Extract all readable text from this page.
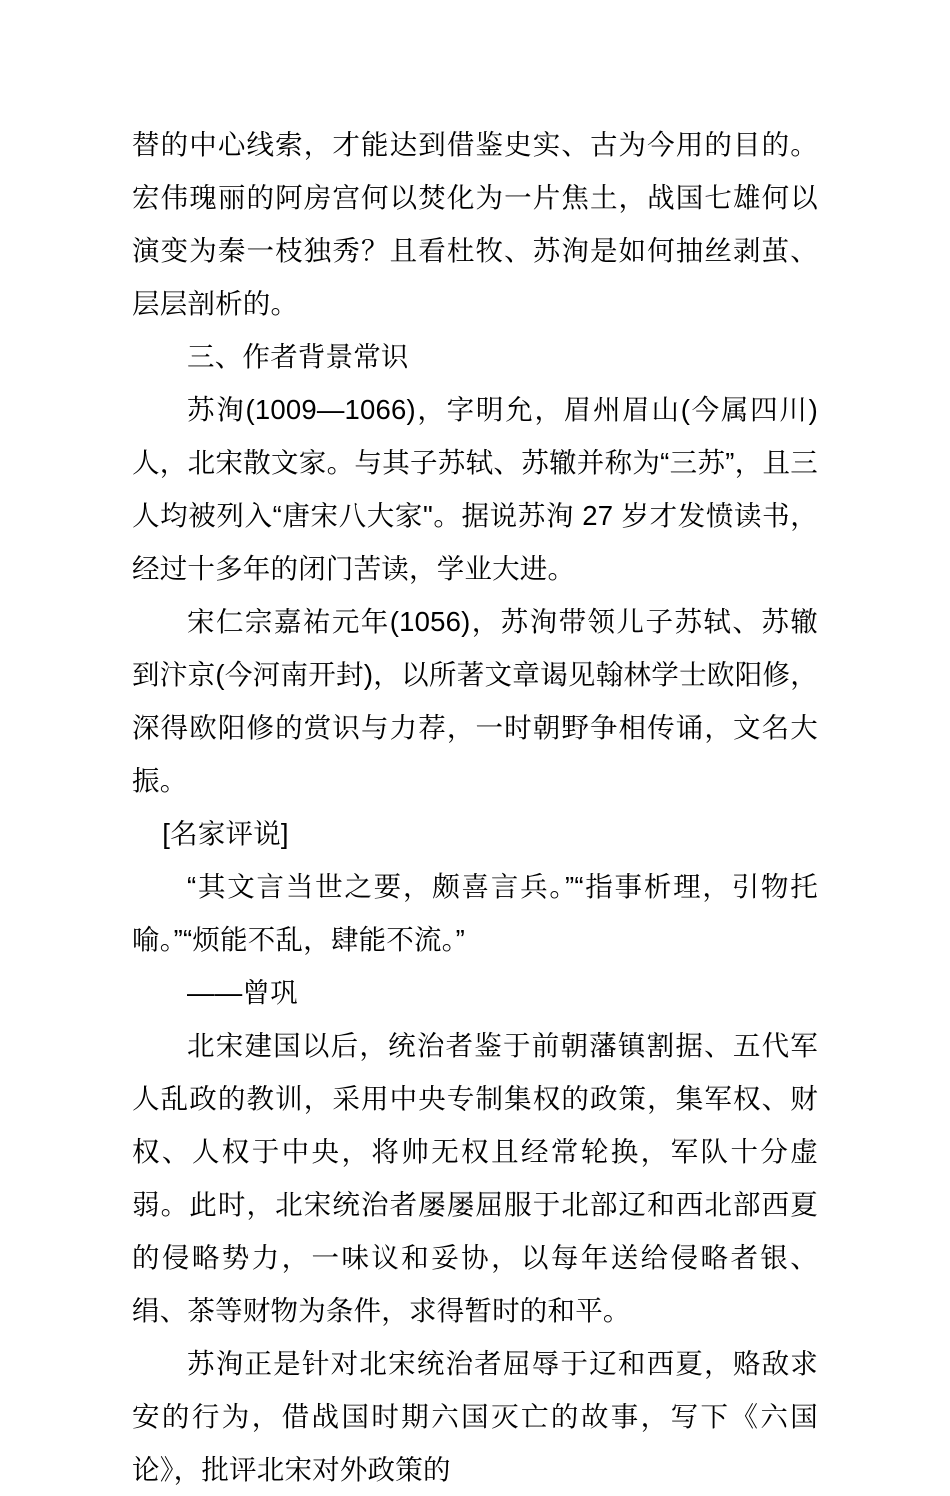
替的中心线索，才能达到借鉴史实、古为今用的目的。宏伟瑰丽的阿房宫何以焚化为一片焦土，战国七雄何以演变为秦一枝独秀？且看杜牧、苏洵是如何抽丝剥茧、层层剖析的。

三、作者背景常识

苏洵(1009—1066)，字明允，眉州眉山(今属四川)人，北宋散文家。与其子苏轼、苏辙并称为“三苏”，且三人均被列入“唐宋八大家"。据说苏洵 27 岁才发愤读书，经过十多年的闭门苦读，学业大进。

宋仁宗嘉祐元年(1056)，苏洵带领儿子苏轼、苏辙到汴京(今河南开封)，以所著文章谒见翰林学士欧阳修，深得欧阳修的赏识与力荐，一时朝野争相传诵，文名大振。

[名家评说]

“其文言当世之要，颇喜言兵。”“指事析理，引物托喻。”“烦能不乱，肆能不流。”

——曾巩

北宋建国以后，统治者鉴于前朝藩镇割据、五代军人乱政的教训，采用中央专制集权的政策，集军权、财权、人权于中央，将帅无权且经常轮换，军队十分虚弱。此时，北宋统治者屡屡屈服于北部辽和西北部西夏的侵略势力，一味议和妥协，以每年送给侵略者银、绢、茶等财物为条件，求得暂时的和平。

苏洵正是针对北宋统治者屈辱于辽和西夏，赂敌求安的行为，借战国时期六国灭亡的故事，写下《六国论》，批评北宋对外政策的
